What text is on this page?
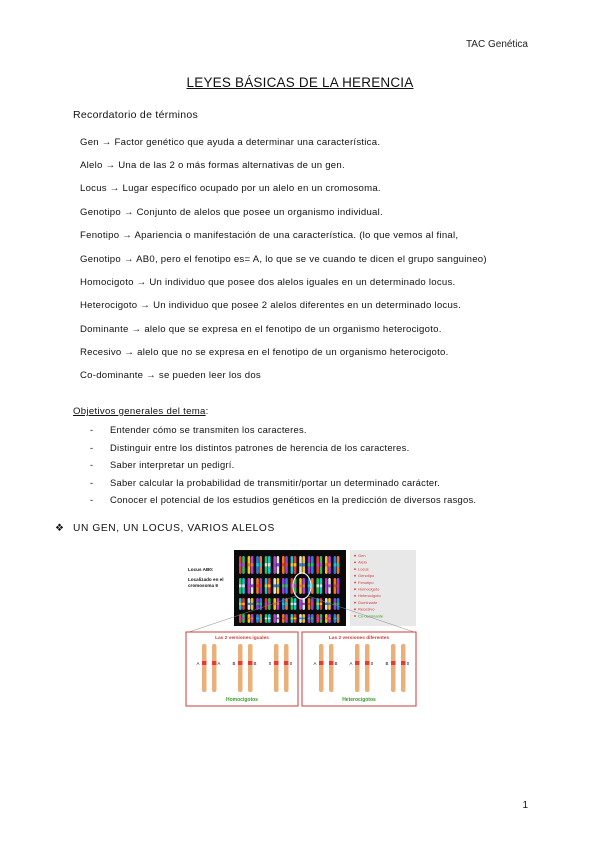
TAC Genética
LEYES BÁSICAS DE LA HERENCIA
Recordatorio de términos
Gen → Factor genético que ayuda a determinar una característica.
Alelo → Una de las 2 o más formas alternativas de un gen.
Locus → Lugar específico ocupado por un alelo en un cromosoma.
Genotipo → Conjunto de alelos que posee un organismo individual.
Fenotipo → Apariencia o manifestación de una característica. (lo que vemos al final,
Genotipo → AB0, pero el fenotipo es= A, lo que se ve cuando te dicen el grupo sanguineo)
Homocigoto → Un individuo que posee dos alelos iguales en un determinado locus.
Heterocigoto → Un individuo que posee 2 alelos diferentes en un determinado locus.
Dominante → alelo que se expresa en el fenotipo de un organismo heterocigoto.
Recesivo → alelo que no se expresa en el fenotipo de un organismo heterocigoto.
Co-dominante → se pueden leer los dos
Objetivos generales del tema:
- Entender cómo se transmiten los caracteres.
- Distinguir entre los distintos patrones de herencia de los caracteres.
- Saber interpretar un pedigrí.
- Saber calcular la probabilidad de transmitir/portar un determinado carácter.
- Conocer el potencial de los estudios genéticos en la predicción de diversos rasgos.
❖ UN GEN, UN LOCUS, VARIOS ALELOS
Locus AB0:
Localizado en el
cromosoma 9
Gen
Alelo
Locus
Genotipo
Fenotipo
Homocigoto
Heterocigoto
Dominante
Recesivo
Co-dominante
Las 2 versiones iguales
Homocigotos
A	A	B	B	0	0
Las 2 versiones diferentes
Heterocigotos
A	B	A	0	B	0
1
